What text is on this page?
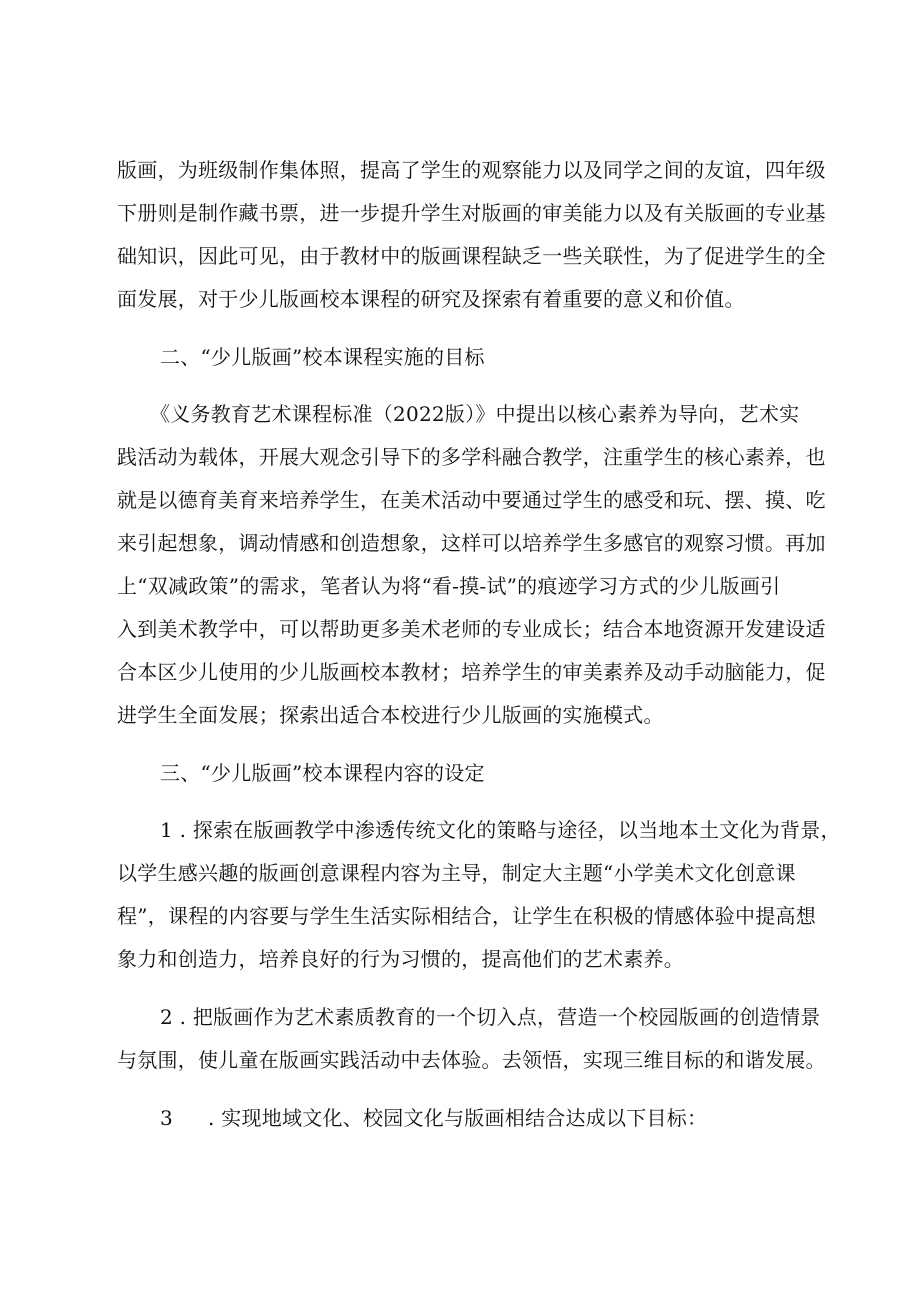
版画，为班级制作集体照，提高了学生的观察能力以及同学之间的友谊，四年级
下册则是制作藏书票，进一步提升学生对版画的审美能力以及有关版画的专业基
础知识，因此可见，由于教材中的版画课程缺乏一些关联性，为了促进学生的全
面发展，对于少儿版画校本课程的研究及探索有着重要的意义和价值。
二、“少儿版画”校本课程实施的目标
《义务教育艺术课程标准（2022版）》中提出以核心素养为导向，艺术实
践活动为载体，开展大观念引导下的多学科融合教学，注重学生的核心素养，也
就是以德育美育来培养学生，在美术活动中要通过学生的感受和玩、摆、摸、吃
来引起想象，调动情感和创造想象，这样可以培养学生多感官的观察习惯。再加
上“双减政策”的需求，笔者认为将“看-摸-试”的痕迹学习方式的少儿版画引
入到美术教学中，可以帮助更多美术老师的专业成长；结合本地资源开发建设适
合本区少儿使用的少儿版画校本教材；培养学生的审美素养及动手动脑能力，促
进学生全面发展；探索出适合本校进行少儿版画的实施模式。
三、“少儿版画”校本课程内容的设定
1 . 探索在版画教学中渗透传统文化的策略与途径，以当地本土文化为背景，
以学生感兴趣的版画创意课程内容为主导，制定大主题“小学美术文化创意课
程”，课程的内容要与学生生活实际相结合，让学生在积极的情感体验中提高想
象力和创造力，培养良好的行为习惯的，提高他们的艺术素养。
2 . 把版画作为艺术素质教育的一个切入点，营造一个校园版画的创造情景
与氛围，使儿童在版画实践活动中去体验。去领悟，实现三维目标的和谐发展。
3 . 实现地域文化、校园文化与版画相结合达成以下目标：
